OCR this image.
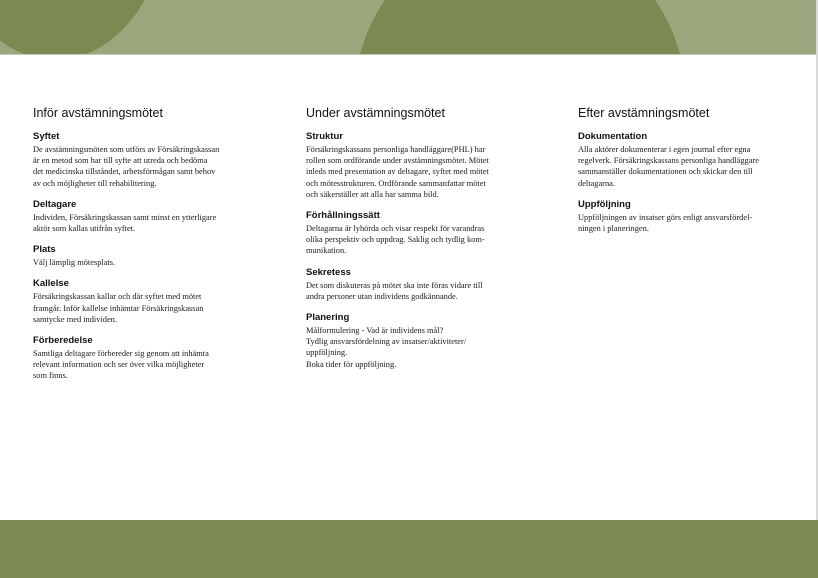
Inför avstämningsmötet
Syftet

De avstämningsmöten som utförs av Försäkringskassan
är en metod som har till syfte att utreda och bedöma
det medicinska tillståndet, arbetsförmågan samt behov
av och möjligheter till rehabilitering.

Deltagare

Individen, Försäkringskassan samt minst en ytterligare
aktör som kallas utifrån syftet.

Plats

Välj lämplig mötesplats.

Kallelse

Försäkringskassan kallar och där syftet med mötet
framgår. Inför kallelse inhämtar Försäkringskassan
samtycke med individen.

Förberedelse

Samtliga deltagare förbereder sig genom att inhämta
relevant information och ser över vilka möjligheter
som finns.

Under avstämningsmötet
Struktur

Försäkringskassans personliga handläggare(PHL) har
rollen som ordförande under avstämningsmötet. Mötet
inleds med presentation av deltagare, syftet med mötet
och mötesstrukturen. Ordförande sammanfattar mötet
och säkerställer att alla har samma bild.

Förhållningssätt

Deltagarna är lyhörda och visar respekt för varandras
olika perspektiv och uppdrag. Saklig och tydlig kom-
munikation.

Sekretess

Det som diskuteras på mötet ska inte föras vidare till
andra personer utan individens godkännande.

Planering

Målformulering - Vad är individens mål?
Tydlig ansvarsfördelning av insatser/aktiviteter/
uppföljning.
Boka tider för uppföljning.

Efter avstämningsmötet
Dokumentation

Alla aktörer dokumenterar i egen journal efter egna
regelverk. Försäkringskassans personliga handläggare
sammanställer dokumentationen och skickar den till
deltagarna.

Uppföljning

Uppföljningen av insatser görs enligt ansvarsfördel-
ningen i planeringen.
